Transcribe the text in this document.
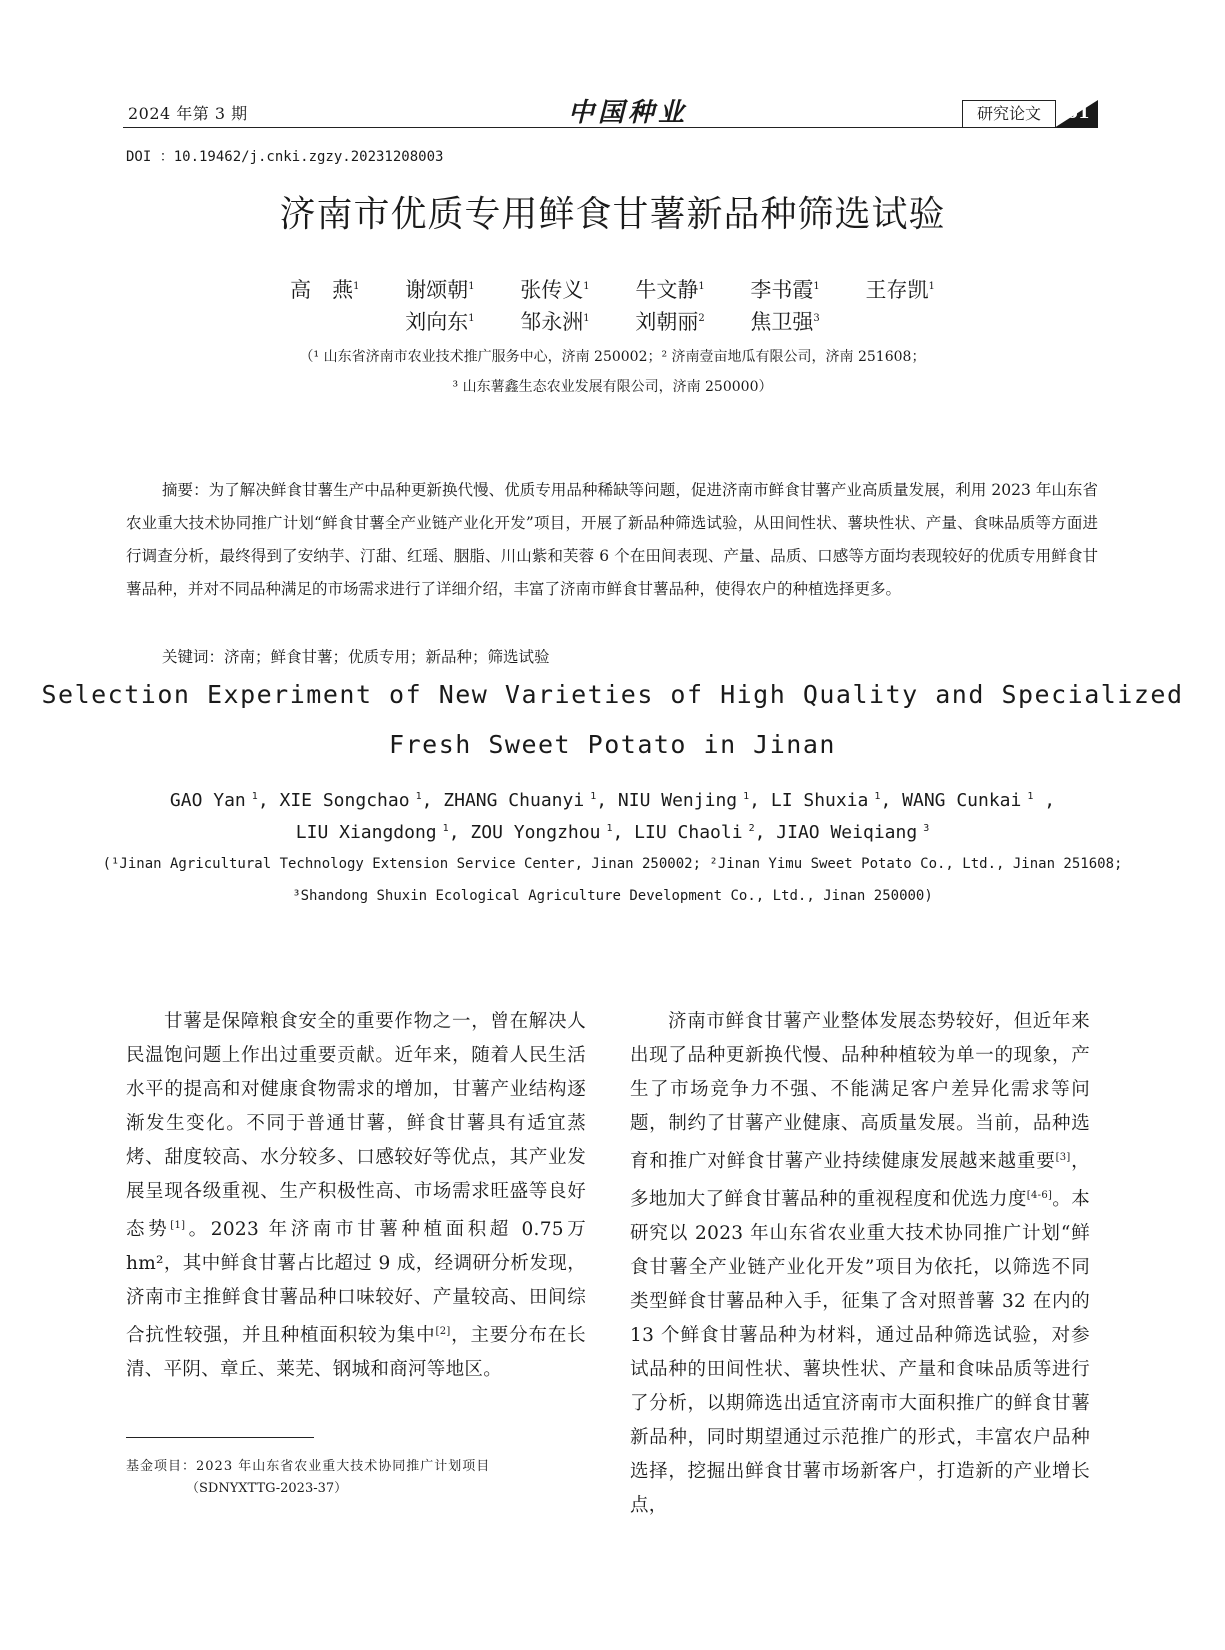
2024 年第 3 期	中国种业	研究论文	61
DOI ：10.19462/j.cnki.zgzy.20231208003
济南市优质专用鲜食甘薯新品种筛选试验
高　燕$^1$　 谢颂朝$^1$　 张传义$^1$　 牛文静$^1$　 李书霞$^1$　 王存凯$^1$
刘向东$^1$　 邹永洲$^1$　 刘朝丽$^2$　 焦卫强$^3$
（¹ 山东省济南市农业技术推广服务中心，济南 250002；² 济南壹亩地瓜有限公司，济南 251608；
³ 山东薯鑫生态农业发展有限公司，济南 250000）
摘要：为了解决鲜食甘薯生产中品种更新换代慢、优质专用品种稀缺等问题，促进济南市鲜食甘薯产业高质量发展，利用 2023 年山东省农业重大技术协同推广计划“鲜食甘薯全产业链产业化开发”项目，开展了新品种筛选试验，从田间性状、薯块性状、产量、食味品质等方面进行调查分析，最终得到了安纳芋、汀甜、红瑶、胭脂、川山紫和芙蓉 6 个在田间表现、产量、品质、口感等方面均表现较好的优质专用鲜食甘薯品种，并对不同品种满足的市场需求进行了详细介绍，丰富了济南市鲜食甘薯品种，使得农户的种植选择更多。
关键词：济南；鲜食甘薯；优质专用；新品种；筛选试验
Selection Experiment of New Varieties of High Quality and Specialized
Fresh Sweet Potato in Jinan
GAO Yan $^1$, XIE Songchao $^1$, ZHANG Chuanyi $^1$, NIU Wenjing $^1$, LI Shuxia $^1$, WANG Cunkai $^1$ ,
LIU Xiangdong $^1$, ZOU Yongzhou $^1$, LIU Chaoli $^2$, JIAO Weiqiang $^3$
(¹Jinan Agricultural Technology Extension Service Center, Jinan 250002; ²Jinan Yimu Sweet Potato Co., Ltd., Jinan 251608;
³Shandong Shuxin Ecological Agriculture Development Co., Ltd., Jinan 250000)
甘薯是保障粮食安全的重要作物之一，曾在解决人民温饱问题上作出过重要贡献。近年来，随着人民生活水平的提高和对健康食物需求的增加，甘薯产业结构逐渐发生变化。不同于普通甘薯，鲜食甘薯具有适宜蒸烤、甜度较高、水分较多、口感较好等优点，其产业发展呈现各级重视、生产积极性高、市场需求旺盛等良好态势[1]。2023 年济南市甘薯种植面积超 0.75万 hm²，其中鲜食甘薯占比超过 9 成，经调研分析发现，济南市主推鲜食甘薯品种口味较好、产量较高、田间综合抗性较强，并且种植面积较为集中[2]，主要分布在长清、平阴、章丘、莱芜、钢城和商河等地区。
济南市鲜食甘薯产业整体发展态势较好，但近年来出现了品种更新换代慢、品种种植较为单一的现象，产生了市场竞争力不强、不能满足客户差异化需求等问题，制约了甘薯产业健康、高质量发展。当前，品种选育和推广对鲜食甘薯产业持续健康发展越来越重要[3]，多地加大了鲜食甘薯品种的重视程度和优选力度[4-6]。本研究以 2023 年山东省农业重大技术协同推广计划“鲜食甘薯全产业链产业化开发”项目为依托，以筛选不同类型鲜食甘薯品种入手，征集了含对照普薯 32 在内的 13 个鲜食甘薯品种为材料，通过品种筛选试验，对参试品种的田间性状、薯块性状、产量和食味品质等进行了分析，以期筛选出适宜济南市大面积推广的鲜食甘薯新品种，同时期望通过示范推广的形式，丰富农户品种选择，挖掘出鲜食甘薯市场新客户，打造新的产业增长点，
基金项目：2023 年山东省农业重大技术协同推广计划项目
（SDNYXTTG-2023-37）
